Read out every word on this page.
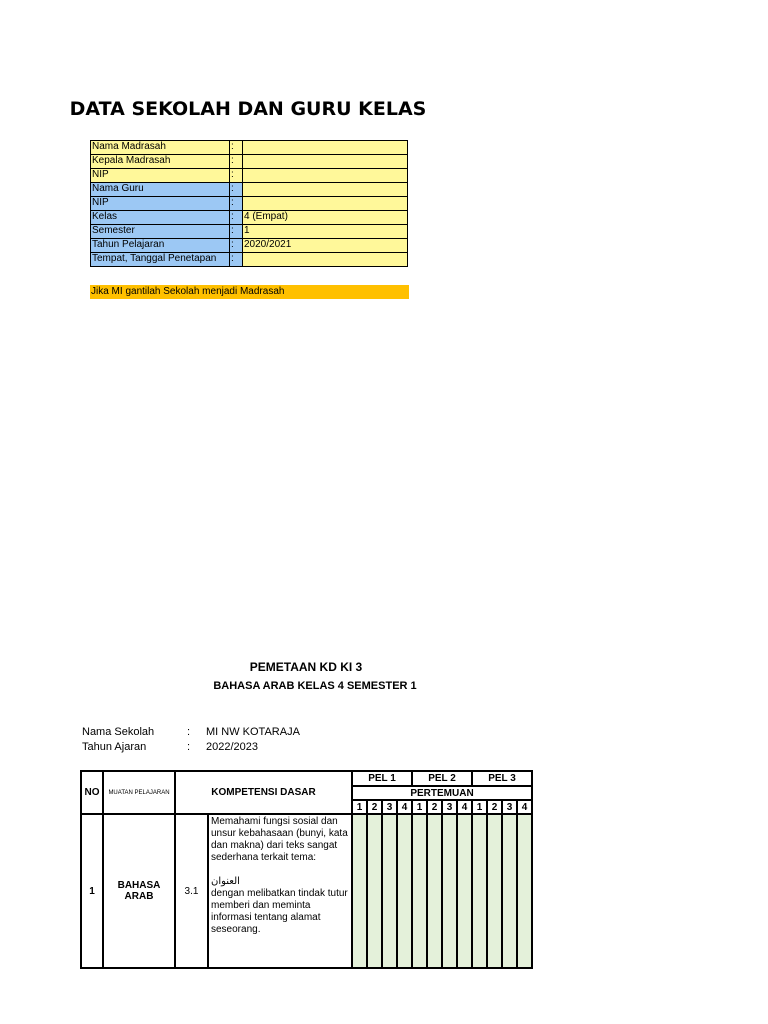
DATA SEKOLAH DAN GURU KELAS
Nama Madrasah	:	
Kepala Madrasah	:	
NIP	:	
Nama Guru	:	
NIP	:	
Kelas	:	4 (Empat)
Semester	:	1
Tahun Pelajaran	:	2020/2021
Tempat, Tanggal Penetapan	:	
Jika MI gantilah Sekolah menjadi Madrasah
PEMETAAN KD KI 3
BAHASA ARAB KELAS 4 SEMESTER 1
Nama Sekolah	: MI NW KOTARAJA
Tahun Ajaran	: 2022/2023
NO	MUATAN PELAJARAN	KOMPETENSI DASAR		PEL 1				PEL 2				PEL 3			
				PERTEMUAN											
				1	2	3	4	1	2	3	4	1	2	3	4
1	BAHASA ARAB	3.1	Memahami fungsi sosial dan unsur kebahasaan (bunyi, kata dan makna) dari teks sangat sederhana terkait tema:
العنوان
dengan melibatkan tindak tutur memberi dan meminta informasi tentang alamat seseorang.												
